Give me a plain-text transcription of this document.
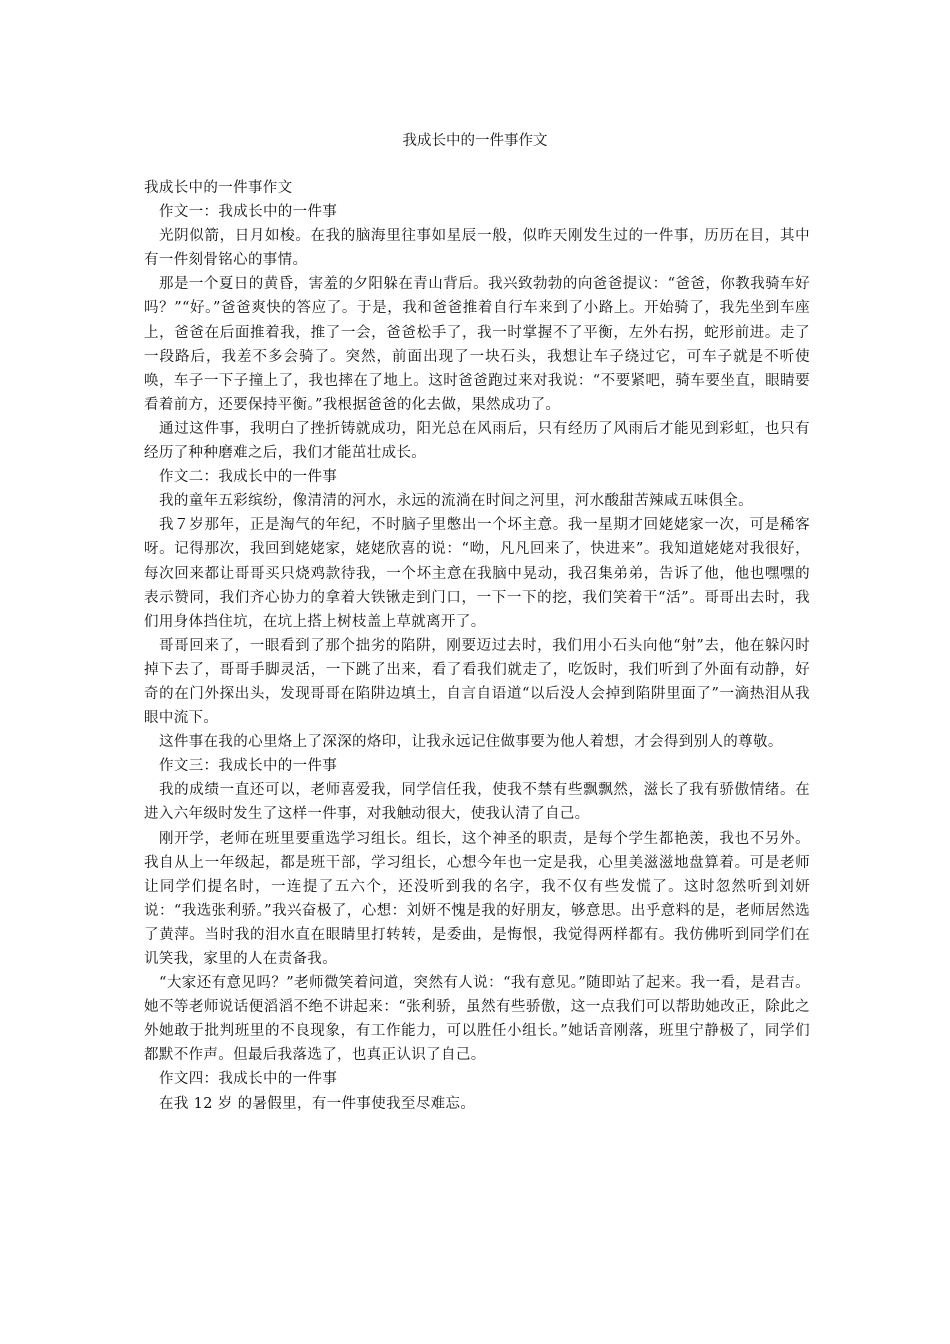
我成长中的一件事作文

我成长中的一件事作文

作文一：我成长中的一件事

光阴似箭，日月如梭。在我的脑海里往事如星辰一般，似昨天刚发生过的一件事，历历在目，其中有一件刻骨铭心的事情。

那是一个夏日的黄昏，害羞的夕阳躲在青山背后。我兴致勃勃的向爸爸提议：“爸爸，你教我骑车好吗？”“好。”爸爸爽快的答应了。于是，我和爸爸推着自行车来到了小路上。开始骑了，我先坐到车座上，爸爸在后面推着我，推了一会，爸爸松手了，我一时掌握不了平衡，左外右拐，蛇形前进。走了一段路后，我差不多会骑了。突然，前面出现了一块石头，我想让车子绕过它，可车子就是不听使唤，车子一下子撞上了，我也摔在了地上。这时爸爸跑过来对我说：“不要紧吧，骑车要坐直，眼睛要看着前方，还要保持平衡。”我根据爸爸的化去做，果然成功了。

通过这件事，我明白了挫折铸就成功，阳光总在风雨后，只有经历了风雨后才能见到彩虹，也只有经历了种种磨难之后，我们才能茁壮成长。

作文二：我成长中的一件事

我的童年五彩缤纷，像清清的河水，永远的流淌在时间之河里，河水酸甜苦辣咸五味俱全。

我７岁那年，正是淘气的年纪，不时脑子里憋出一个坏主意。我一星期才回姥姥家一次，可是稀客呀。记得那次，我回到姥姥家，姥姥欣喜的说：“呦，凡凡回来了，快进来”。我知道姥姥对我很好，每次回来都让哥哥买只烧鸡款待我，一个坏主意在我脑中晃动，我召集弟弟，告诉了他，他也嘿嘿的表示赞同，我们齐心协力的拿着大铁锹走到门口，一下一下的挖，我们笑着干“活”。哥哥出去时，我们用身体挡住坑，在坑上搭上树枝盖上草就离开了。

哥哥回来了，一眼看到了那个拙劣的陷阱，刚要迈过去时，我们用小石头向他“射”去，他在躲闪时掉下去了，哥哥手脚灵活，一下跳了出来，看了看我们就走了，吃饭时，我们听到了外面有动静，好奇的在门外探出头，发现哥哥在陷阱边填土，自言自语道“以后没人会掉到陷阱里面了”一滴热泪从我眼中流下。

这件事在我的心里烙上了深深的烙印，让我永远记住做事要为他人着想，才会得到别人的尊敬。

作文三：我成长中的一件事

我的成绩一直还可以，老师喜爱我，同学信任我，使我不禁有些飘飘然，滋长了我有骄傲情绪。在进入六年级时发生了这样一件事，对我触动很大，使我认清了自己。

刚开学，老师在班里要重选学习组长。组长，这个神圣的职责，是每个学生都艳羡，我也不另外。我自从上一年级起，都是班干部，学习组长，心想今年也一定是我，心里美滋滋地盘算着。可是老师让同学们提名时，一连提了五六个，还没听到我的名字，我不仅有些发慌了。这时忽然听到刘妍说：“我选张利骄。”我兴奋极了，心想：刘妍不愧是我的好朋友，够意思。出乎意料的是，老师居然选了黄萍。当时我的泪水直在眼睛里打转转，是委曲，是悔恨，我觉得两样都有。我仿佛听到同学们在讥笑我，家里的人在责备我。

“大家还有意见吗？”老师微笑着问道，突然有人说：“我有意见。”随即站了起来。我一看，是君吉。她不等老师说话便滔滔不绝不讲起来：“张利骄，虽然有些骄傲，这一点我们可以帮助她改正，除此之外她敢于批判班里的不良现象，有工作能力，可以胜任小组长。”她话音刚落，班里宁静极了，同学们都默不作声。但最后我落选了，也真正认识了自己。

作文四：我成长中的一件事

在我 12 岁 的暑假里，有一件事使我至尽难忘。
